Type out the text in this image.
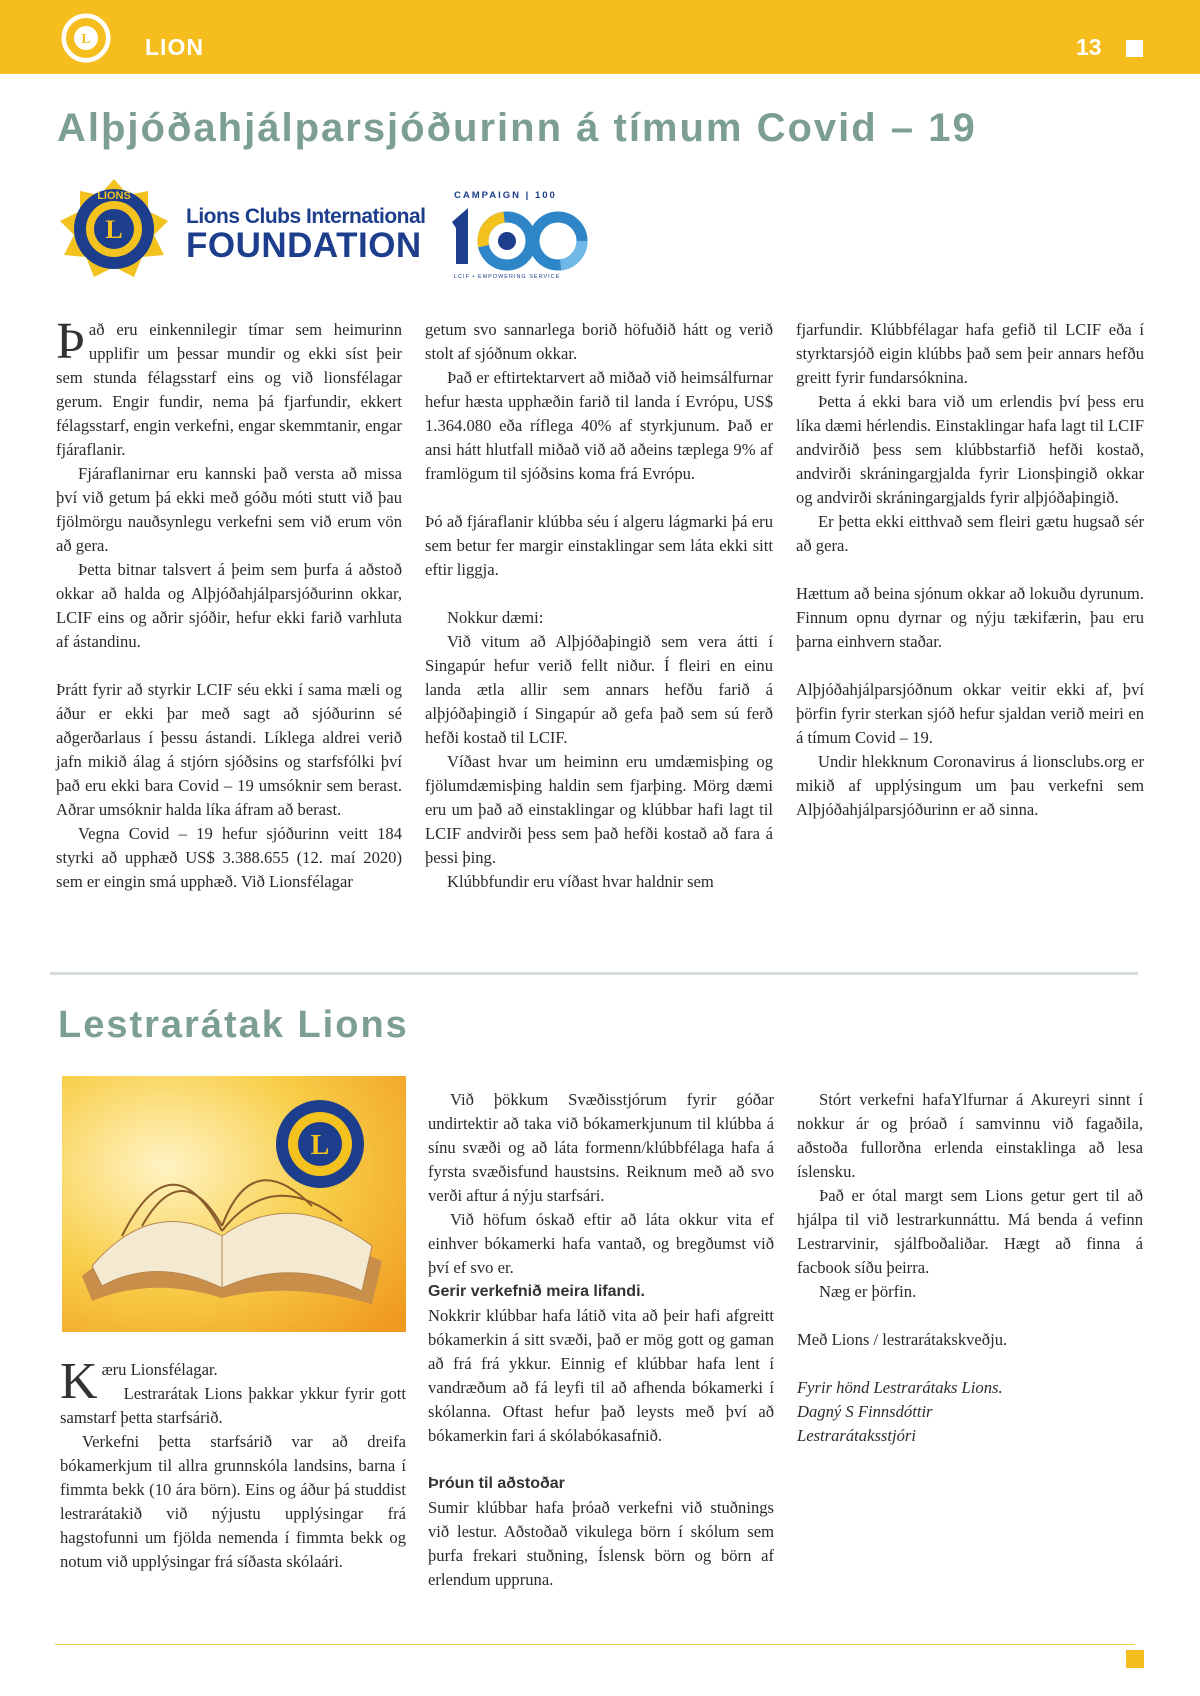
L LION	13
Alþjóðahjálparsjóðurinn á tímum Covid – 19
L
LIONS
Lions Clubs International
FOUNDATION
CAMPAIGN | 100
LCIF • EMPOWERING SERVICE

Það eru einkennilegir tímar sem heimurinn upplifir um þessar mundir og ekki síst þeir sem stunda félagsstarf eins og við lionsfélagar gerum. Engir fundir, nema þá fjarfundir, ekkert félagsstarf, engin verkefni, engar skemmtanir, engar fjáraflanir.

Fjáraflanirnar eru kannski það versta að missa því við getum þá ekki með góðu móti stutt við þau fjölmörgu nauðsynlegu verkefni sem við erum vön að gera.

Þetta bitnar talsvert á þeim sem þurfa á aðstoð okkar að halda og Alþjóðahjálparsjóðurinn okkar, LCIF eins og aðrir sjóðir, hefur ekki farið varhluta af ástandinu.

Þrátt fyrir að styrkir LCIF séu ekki í sama mæli og áður er ekki þar með sagt að sjóðurinn sé aðgerðarlaus í þessu ástandi. Líklega aldrei verið jafn mikið álag á stjórn sjóðsins og starfsfólki því það eru ekki bara Covid – 19 umsóknir sem berast. Aðrar umsóknir halda líka áfram að berast.

Vegna Covid – 19 hefur sjóðurinn veitt 184 styrki að upphæð US$ 3.388.655 (12. maí 2020) sem er eingin smá upphæð. Við Lionsfélagar

getum svo sannarlega borið höfuðið hátt og verið stolt af sjóðnum okkar.

Það er eftirtektarvert að miðað við heimsálfurnar hefur hæsta upphæðin farið til landa í Evrópu, US$ 1.364.080 eða ríflega 40% af styrkjunum. Það er ansi hátt hlutfall miðað við að aðeins tæplega 9% af framlögum til sjóðsins koma frá Evrópu.

Þó að fjáraflanir klúbba séu í algeru lágmarki þá eru sem betur fer margir einstaklingar sem láta ekki sitt eftir liggja.

Nokkur dæmi:

Við vitum að Alþjóðaþingið sem vera átti í Singapúr hefur verið fellt niður. Í fleiri en einu landa ætla allir sem annars hefðu farið á alþjóðaþingið í Singapúr að gefa það sem sú ferð hefði kostað til LCIF.

Víðast hvar um heiminn eru umdæmisþing og fjölumdæmisþing haldin sem fjarþing. Mörg dæmi eru um það að einstaklingar og klúbbar hafi lagt til LCIF andvirði þess sem það hefði kostað að fara á þessi þing.

Klúbbfundir eru víðast hvar haldnir sem

fjarfundir. Klúbbfélagar hafa gefið til LCIF eða í styrktarsjóð eigin klúbbs það sem þeir annars hefðu greitt fyrir fundarsóknina.

Þetta á ekki bara við um erlendis því þess eru líka dæmi hérlendis. Einstaklingar hafa lagt til LCIF andvirðið þess sem klúbbstarfið hefði kostað, andvirði skráningargjalda fyrir Lionsþingið okkar og andvirði skráningargjalds fyrir alþjóðaþingið.

Er þetta ekki eitthvað sem fleiri gætu hugsað sér að gera.

Hættum að beina sjónum okkar að lokuðu dyrunum. Finnum opnu dyrnar og nýju tækifærin, þau eru þarna einhvern staðar.

Alþjóðahjálparsjóðnum okkar veitir ekki af, því þörfin fyrir sterkan sjóð hefur sjaldan verið meiri en á tímum Covid – 19.

Undir hlekknum Coronavirus á lionsclubs.org er mikið af upplýsingum um þau verkefni sem Alþjóðahjálparsjóðurinn er að sinna.

Lestrarátak Lions
L

Kæru Lionsfélagar.

Lestrarátak Lions þakkar ykkur fyrir gott samstarf þetta starfsárið.

Verkefni þetta starfsárið var að dreifa bókamerkjum til allra grunnskóla landsins, barna í fimmta bekk (10 ára börn). Eins og áður þá studdist lestrarátakið við nýjustu upplýsingar frá hagstofunni um fjölda nemenda í fimmta bekk og notum við upplýsingar frá síðasta skólaári.

Við þökkum Svæðisstjórum fyrir góðar undirtektir að taka við bókamerkjunum til klúbba á sínu svæði og að láta formenn/klúbbfélaga hafa á fyrsta svæðisfund haustsins. Reiknum með að svo verði aftur á nýju starfsári.

Við höfum óskað eftir að láta okkur vita ef einhver bókamerki hafa vantað, og bregðumst við því ef svo er.

Gerir verkefnið meira lifandi.

Nokkrir klúbbar hafa látið vita að þeir hafi afgreitt bókamerkin á sitt svæði, það er mög gott og gaman að frá frá ykkur. Einnig ef klúbbar hafa lent í vandræðum að fá leyfi til að afhenda bókamerki í skólanna. Oftast hefur það leysts með því að bókamerkin fari á skólabókasafnið.

Þróun til aðstoðar

Sumir klúbbar hafa þróað verkefni við stuðnings við lestur. Aðstoðað vikulega börn í skólum sem þurfa frekari stuðning, Íslensk börn og börn af erlendum uppruna.

Stórt verkefni hafaYlfurnar á Akureyri sinnt í nokkur ár og þróað í samvinnu við fagaðila, aðstoða fullorðna erlenda einstaklinga að lesa íslensku.

Það er ótal margt sem Lions getur gert til að hjálpa til við lestrarkunnáttu. Má benda á vefinn Lestrarvinir, sjálfboðaliðar. Hægt að finna á facbook síðu þeirra.

Næg er þörfin.

Með Lions / lestrarátakskveðju.

Fyrir hönd Lestrarátaks Lions.

Dagný S Finnsdóttir

Lestrarátaksstjóri
